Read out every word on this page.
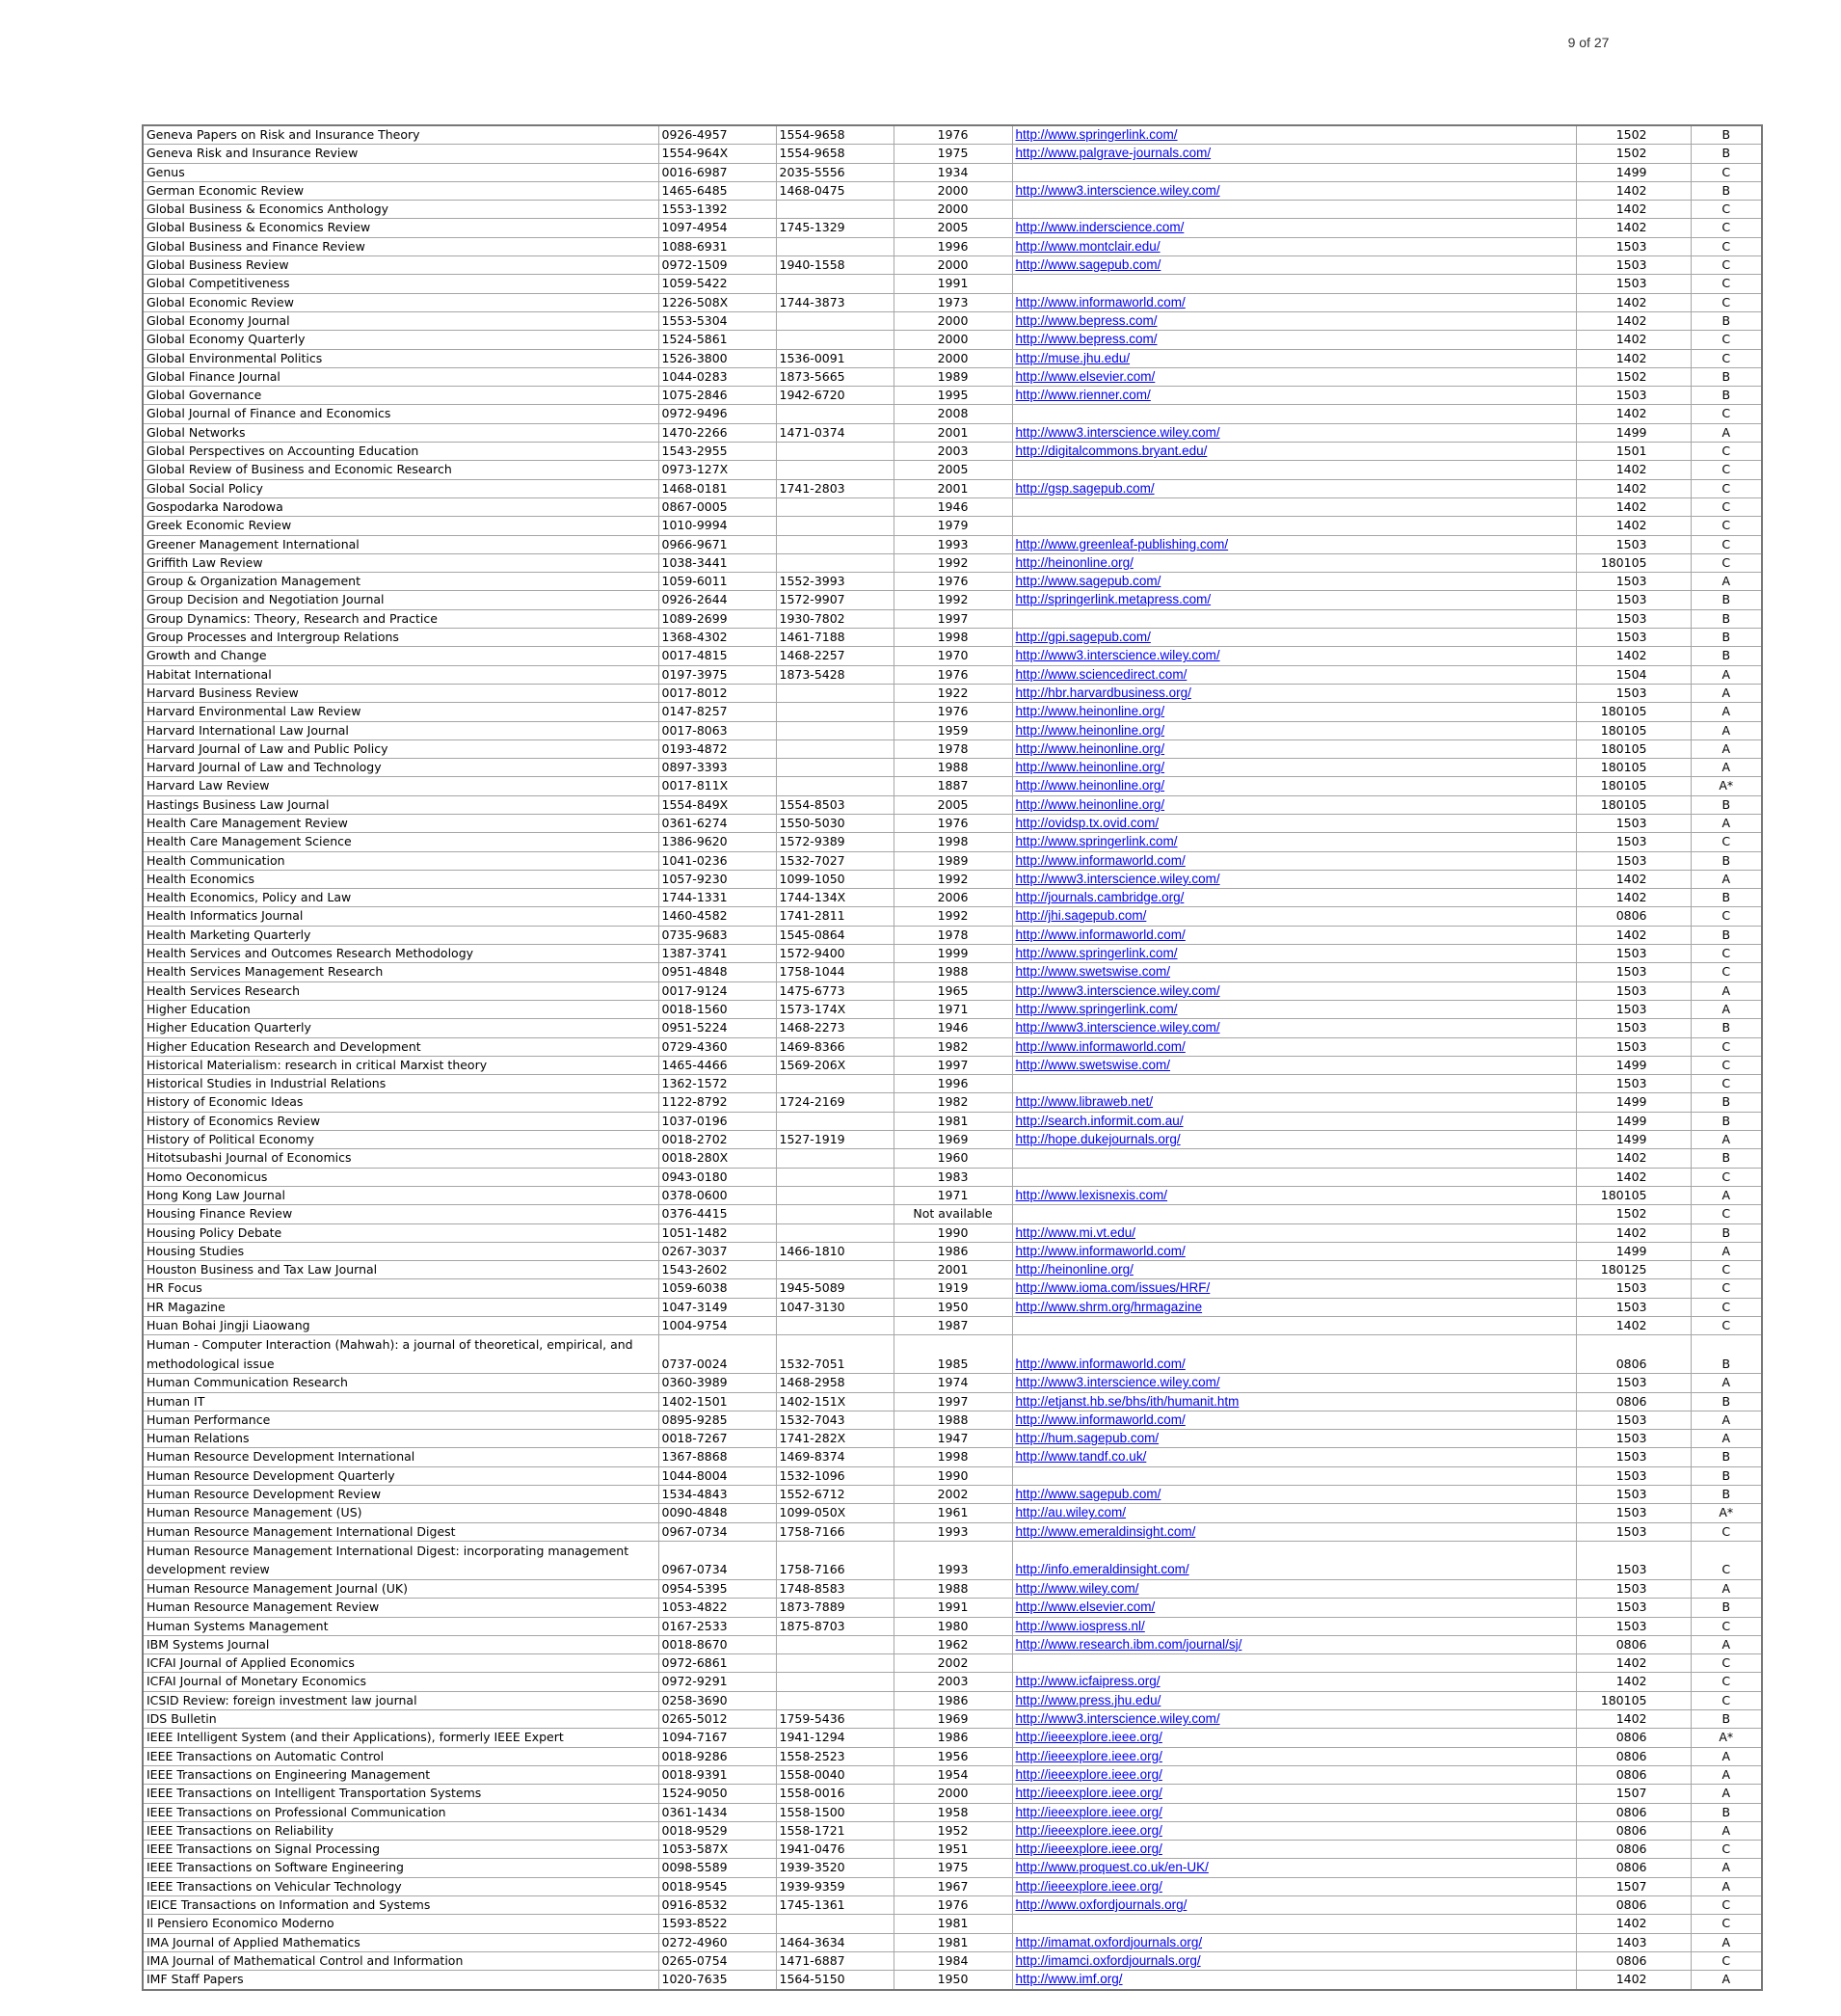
9 of 27
Geneva Papers on Risk and Insurance Theory	0926-4957	1554-9658	1976	http://www.springerlink.com/	1502	B
Geneva Risk and Insurance Review	1554-964X	1554-9658	1975	http://www.palgrave-journals.com/	1502	B
Genus	0016-6987	2035-5556	1934		1499	C
German Economic Review	1465-6485	1468-0475	2000	http://www3.interscience.wiley.com/	1402	B
Global Business & Economics Anthology	1553-1392		2000		1402	C
Global Business & Economics Review	1097-4954	1745-1329	2005	http://www.inderscience.com/	1402	C
Global Business and Finance Review	1088-6931		1996	http://www.montclair.edu/	1503	C
Global Business Review	0972-1509	1940-1558	2000	http://www.sagepub.com/	1503	C
Global Competitiveness	1059-5422		1991		1503	C
Global Economic Review	1226-508X	1744-3873	1973	http://www.informaworld.com/	1402	C
Global Economy Journal	1553-5304		2000	http://www.bepress.com/	1402	B
Global Economy Quarterly	1524-5861		2000	http://www.bepress.com/	1402	C
Global Environmental Politics	1526-3800	1536-0091	2000	http://muse.jhu.edu/	1402	C
Global Finance Journal	1044-0283	1873-5665	1989	http://www.elsevier.com/	1502	B
Global Governance	1075-2846	1942-6720	1995	http://www.rienner.com/	1503	B
Global Journal of Finance and Economics	0972-9496		2008		1402	C
Global Networks	1470-2266	1471-0374	2001	http://www3.interscience.wiley.com/	1499	A
Global Perspectives on Accounting Education	1543-2955		2003	http://digitalcommons.bryant.edu/	1501	C
Global Review of Business and Economic Research	0973-127X		2005		1402	C
Global Social Policy	1468-0181	1741-2803	2001	http://gsp.sagepub.com/	1402	C
Gospodarka Narodowa	0867-0005		1946		1402	C
Greek Economic Review	1010-9994		1979		1402	C
Greener Management International	0966-9671		1993	http://www.greenleaf-publishing.com/	1503	C
Griffith Law Review	1038-3441		1992	http://heinonline.org/	180105	C
Group & Organization Management	1059-6011	1552-3993	1976	http://www.sagepub.com/	1503	A
Group Decision and Negotiation Journal	0926-2644	1572-9907	1992	http://springerlink.metapress.com/	1503	B
Group Dynamics: Theory, Research and Practice	1089-2699	1930-7802	1997		1503	B
Group Processes and Intergroup Relations	1368-4302	1461-7188	1998	http://gpi.sagepub.com/	1503	B
Growth and Change	0017-4815	1468-2257	1970	http://www3.interscience.wiley.com/	1402	B
Habitat International	0197-3975	1873-5428	1976	http://www.sciencedirect.com/	1504	A
Harvard Business Review	0017-8012		1922	http://hbr.harvardbusiness.org/	1503	A
Harvard Environmental Law Review	0147-8257		1976	http://www.heinonline.org/	180105	A
Harvard International Law Journal	0017-8063		1959	http://www.heinonline.org/	180105	A
Harvard Journal of Law and Public Policy	0193-4872		1978	http://www.heinonline.org/	180105	A
Harvard Journal of Law and Technology	0897-3393		1988	http://www.heinonline.org/	180105	A
Harvard Law Review	0017-811X		1887	http://www.heinonline.org/	180105	A*
Hastings Business Law Journal	1554-849X	1554-8503	2005	http://www.heinonline.org/	180105	B
Health Care Management Review	0361-6274	1550-5030	1976	http://ovidsp.tx.ovid.com/	1503	A
Health Care Management Science	1386-9620	1572-9389	1998	http://www.springerlink.com/	1503	C
Health Communication	1041-0236	1532-7027	1989	http://www.informaworld.com/	1503	B
Health Economics	1057-9230	1099-1050	1992	http://www3.interscience.wiley.com/	1402	A
Health Economics, Policy and Law	1744-1331	1744-134X	2006	http://journals.cambridge.org/	1402	B
Health Informatics Journal	1460-4582	1741-2811	1992	http://jhi.sagepub.com/	0806	C
Health Marketing Quarterly	0735-9683	1545-0864	1978	http://www.informaworld.com/	1402	B
Health Services and Outcomes Research Methodology	1387-3741	1572-9400	1999	http://www.springerlink.com/	1503	C
Health Services Management Research	0951-4848	1758-1044	1988	http://www.swetswise.com/	1503	C
Health Services Research	0017-9124	1475-6773	1965	http://www3.interscience.wiley.com/	1503	A
Higher Education	0018-1560	1573-174X	1971	http://www.springerlink.com/	1503	A
Higher Education Quarterly	0951-5224	1468-2273	1946	http://www3.interscience.wiley.com/	1503	B
Higher Education Research and Development	0729-4360	1469-8366	1982	http://www.informaworld.com/	1503	C
Historical Materialism: research in critical Marxist theory	1465-4466	1569-206X	1997	http://www.swetswise.com/	1499	C
Historical Studies in Industrial Relations	1362-1572		1996		1503	C
History of Economic Ideas	1122-8792	1724-2169	1982	http://www.libraweb.net/	1499	B
History of Economics Review	1037-0196		1981	http://search.informit.com.au/	1499	B
History of Political Economy	0018-2702	1527-1919	1969	http://hope.dukejournals.org/	1499	A
Hitotsubashi Journal of Economics	0018-280X		1960		1402	B
Homo Oeconomicus	0943-0180		1983		1402	C
Hong Kong Law Journal	0378-0600		1971	http://www.lexisnexis.com/	180105	A
Housing Finance Review	0376-4415		Not available		1502	C
Housing Policy Debate	1051-1482		1990	http://www.mi.vt.edu/	1402	B
Housing Studies	0267-3037	1466-1810	1986	http://www.informaworld.com/	1499	A
Houston Business and Tax Law Journal	1543-2602		2001	http://heinonline.org/	180125	C
HR Focus	1059-6038	1945-5089	1919	http://www.ioma.com/issues/HRF/	1503	C
HR Magazine	1047-3149	1047-3130	1950	http://www.shrm.org/hrmagazine	1503	C
Huan Bohai Jingji Liaowang	1004-9754		1987		1402	C
Human - Computer Interaction (Mahwah): a journal of theoretical, empirical, and methodological issue	0737-0024	1532-7051	1985	http://www.informaworld.com/	0806	B
Human Communication Research	0360-3989	1468-2958	1974	http://www3.interscience.wiley.com/	1503	A
Human IT	1402-1501	1402-151X	1997	http://etjanst.hb.se/bhs/ith/humanit.htm	0806	B
Human Performance	0895-9285	1532-7043	1988	http://www.informaworld.com/	1503	A
Human Relations	0018-7267	1741-282X	1947	http://hum.sagepub.com/	1503	A
Human Resource Development International	1367-8868	1469-8374	1998	http://www.tandf.co.uk/	1503	B
Human Resource Development Quarterly	1044-8004	1532-1096	1990		1503	B
Human Resource Development Review	1534-4843	1552-6712	2002	http://www.sagepub.com/	1503	B
Human Resource Management (US)	0090-4848	1099-050X	1961	http://au.wiley.com/	1503	A*
Human Resource Management International Digest	0967-0734	1758-7166	1993	http://www.emeraldinsight.com/	1503	C
Human Resource Management International Digest: incorporating management development review	0967-0734	1758-7166	1993	http://info.emeraldinsight.com/	1503	C
Human Resource Management Journal (UK)	0954-5395	1748-8583	1988	http://www.wiley.com/	1503	A
Human Resource Management Review	1053-4822	1873-7889	1991	http://www.elsevier.com/	1503	B
Human Systems Management	0167-2533	1875-8703	1980	http://www.iospress.nl/	1503	C
IBM Systems Journal	0018-8670		1962	http://www.research.ibm.com/journal/sj/	0806	A
ICFAI Journal of Applied Economics	0972-6861		2002		1402	C
ICFAI Journal of Monetary Economics	0972-9291		2003	http://www.icfaipress.org/	1402	C
ICSID Review: foreign investment law journal	0258-3690		1986	http://www.press.jhu.edu/	180105	C
IDS Bulletin	0265-5012	1759-5436	1969	http://www3.interscience.wiley.com/	1402	B
IEEE Intelligent System (and their Applications), formerly IEEE Expert	1094-7167	1941-1294	1986	http://ieeexplore.ieee.org/	0806	A*
IEEE Transactions on Automatic Control	0018-9286	1558-2523	1956	http://ieeexplore.ieee.org/	0806	A
IEEE Transactions on Engineering Management	0018-9391	1558-0040	1954	http://ieeexplore.ieee.org/	0806	A
IEEE Transactions on Intelligent Transportation Systems	1524-9050	1558-0016	2000	http://ieeexplore.ieee.org/	1507	A
IEEE Transactions on Professional Communication	0361-1434	1558-1500	1958	http://ieeexplore.ieee.org/	0806	B
IEEE Transactions on Reliability	0018-9529	1558-1721	1952	http://ieeexplore.ieee.org/	0806	A
IEEE Transactions on Signal Processing	1053-587X	1941-0476	1951	http://ieeexplore.ieee.org/	0806	C
IEEE Transactions on Software Engineering	0098-5589	1939-3520	1975	http://www.proquest.co.uk/en-UK/	0806	A
IEEE Transactions on Vehicular Technology	0018-9545	1939-9359	1967	http://ieeexplore.ieee.org/	1507	A
IEICE Transactions on Information and Systems	0916-8532	1745-1361	1976	http://www.oxfordjournals.org/	0806	C
Il Pensiero Economico Moderno	1593-8522		1981		1402	C
IMA Journal of Applied Mathematics	0272-4960	1464-3634	1981	http://imamat.oxfordjournals.org/	1403	A
IMA Journal of Mathematical Control and Information	0265-0754	1471-6887	1984	http://imamci.oxfordjournals.org/	0806	C
IMF Staff Papers	1020-7635	1564-5150	1950	http://www.imf.org/	1402	A
